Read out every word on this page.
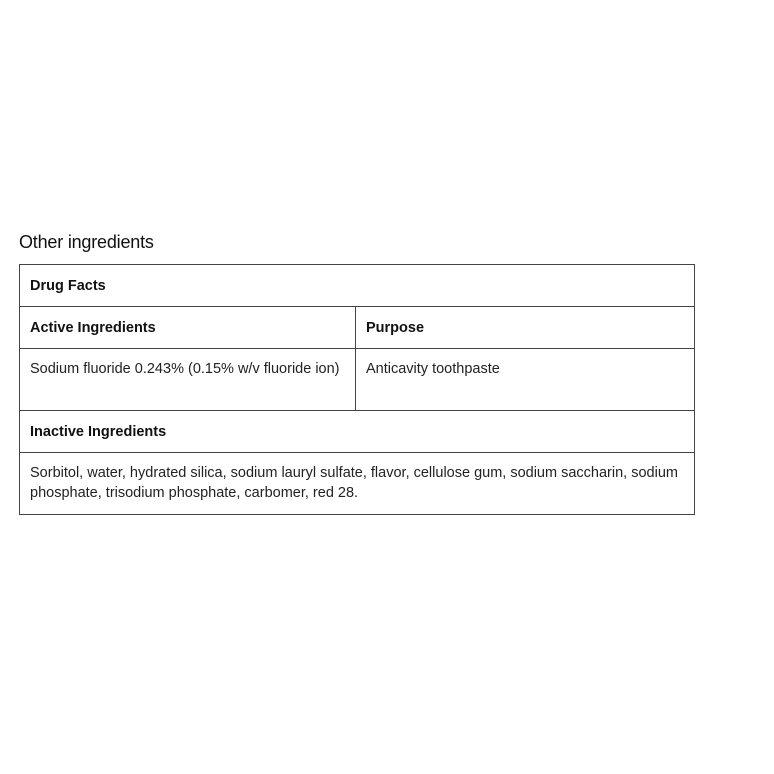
Other ingredients
Drug Facts	
Active Ingredients	Purpose
Sodium fluoride 0.243% (0.15% w/v fluoride ion)	Anticavity toothpaste
Inactive Ingredients	
Sorbitol, water, hydrated silica, sodium lauryl sulfate, flavor, cellulose gum, sodium saccharin, sodium phosphate, trisodium phosphate, carbomer, red 28.	
